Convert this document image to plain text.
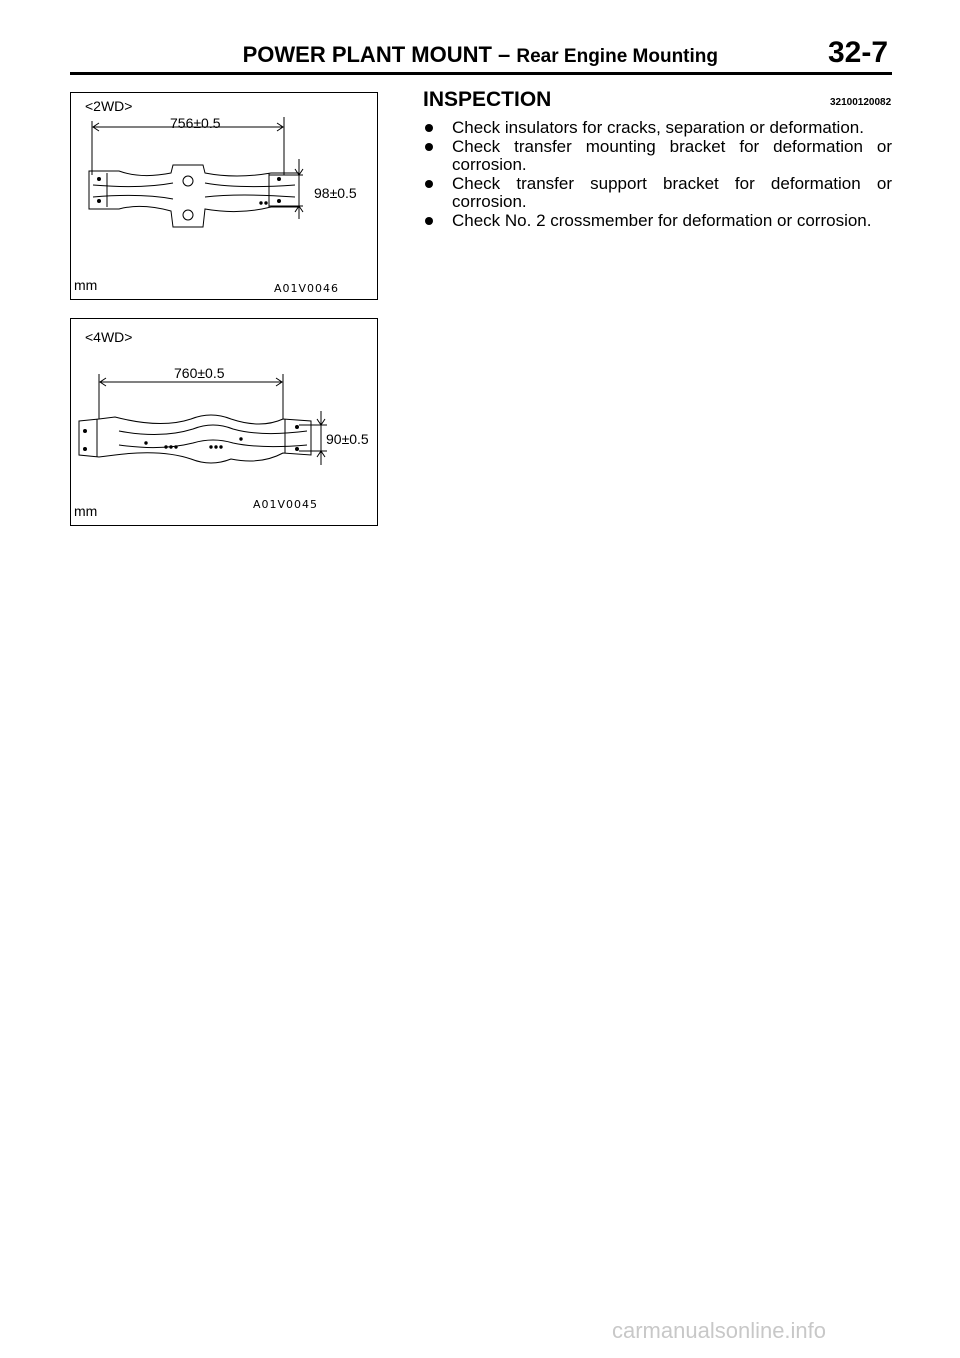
POWER PLANT MOUNT – Rear Engine Mounting	32-7
<2WD>
756±0.5
98±0.5
mm	A01V0046
<4WD>
760±0.5
90±0.5
mm	A01V0045
INSPECTION	32100120082
Check insulators for cracks, separation or deformation.
Check transfer mounting bracket for deformation or corrosion.
Check transfer support bracket for deformation or corrosion.
Check No. 2 crossmember for deformation or corrosion.
carmanualsonline.info
